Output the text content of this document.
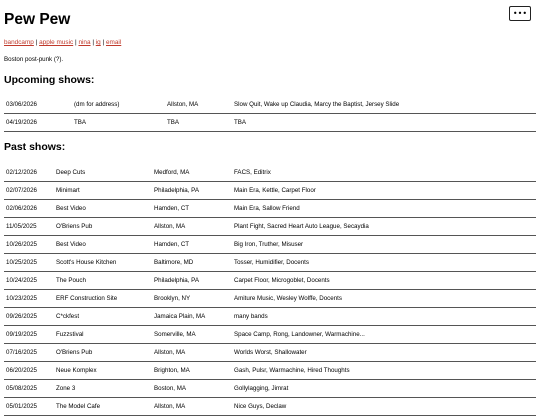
Pew Pew	•••
bandcamp | apple music | nina | ig | email
Boston post-punk (?).
Upcoming shows:
03/06/2026	(dm for address)	Allston, MA	Slow Quit, Wake up Claudia, Marcy the Baptist, Jersey Slide
04/19/2026	TBA	TBA	TBA
Past shows:
02/12/2026	Deep Cuts	Medford, MA	FACS, Editrix
02/07/2026	Minimart	Philadelphia, PA	Main Era, Kettle, Carpet Floor
02/06/2026	Best Video	Hamden, CT	Main Era, Sallow Friend
11/05/2025	O'Briens Pub	Allston, MA	Plant Fight, Sacred Heart Auto League, Secaydia
10/26/2025	Best Video	Hamden, CT	Big Iron, Truther, Misuser
10/25/2025	Scott's House Kitchen	Baltimore, MD	Tosser, Humidifier, Docents
10/24/2025	The Pouch	Philadelphia, PA	Carpet Floor, Microgoblet, Docents
10/23/2025	ERF Construction Site	Brooklyn, NY	Amiture Music, Wesley Wolffe, Docents
09/26/2025	C*ckfest	Jamaica Plain, MA	many bands
09/19/2025	Fuzzstival	Somerville, MA	Space Camp, Rong, Landowner, Warmachine...
07/16/2025	O'Briens Pub	Allston, MA	Worlds Worst, Shallowater
06/20/2025	Neue Komplex	Brighton, MA	Gash, Pulsr, Warmachine, Hired Thoughts
05/08/2025	Zone 3	Boston, MA	Gollylagging, Jimrat
05/01/2025	The Model Cafe	Allston, MA	Nice Guys, Declaw
